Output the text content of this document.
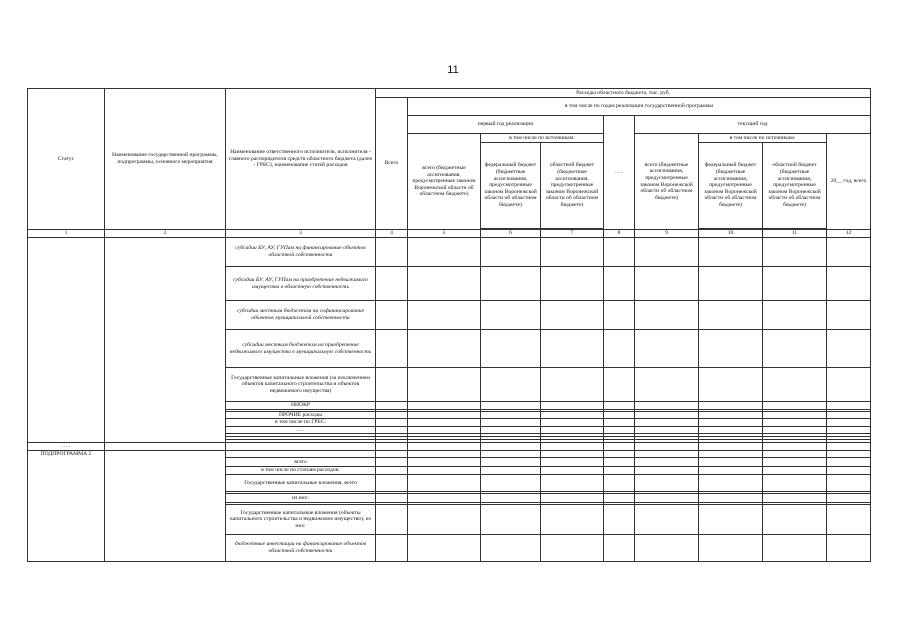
11
Статус	Наименование государственной программы, подпрограммы, основного мероприятия	Наименование ответственного исполнителя, исполнителя - главного распорядителя средств областного бюджета (далее - ГРБС), наименование статей расходов	Расходы областного бюджета, тыс. руб.								
			Всего	в том числе по годам реализации государственной программы							
				первый год реализации			…..	текущий год			
				всего (бюджетные ассигнования, предусмотренные законом Воронежской области об областном бюджете)	в том числе по источникам:			всего (бюджетные ассигнования, предусмотренные законом Воронежской области об областном бюджете)	в том числе по источникам:		20__ год, всего
					федеральный бюджет (бюджетные ассигнования, предусмотренные законом Воронежской области об областном бюджете)	областной бюджет (бюджетные ассигнования, предусмотренные законом Воронежской области об областном бюджете)			федеральный бюджет (бюджетные ассигнования, предусмотренные законом Воронежской области об областном бюджете)	областной бюджет (бюджетные ассигнования, предусмотренные законом Воронежской области об областном бюджете)	

1	2	3	4	5	6	7	8	9	10	11	12
		субсидии БУ, АУ, ГУПам на финансирование объектов областной собственности									
		субсидии БУ, АУ, ГУПам на приобретение недвижимого имущества в областную собственность									
		субсидии местным бюджетам на софинансирование объектов муниципальной собственности									
		субсидии местным бюджетам на приобретение недвижимого имущества в муниципальную собственность									
		Государственные капитальные вложения (за исключением объектов капитального строительства и объектов недвижимого имущества)									
		НИОКР									

		ПРОЧИЕ расходы									
		в том числе по ГРБС:									
		…..									

…..											
ПОДПРОГРАММА 2											
		всего									
		в том числе по статьям расходов:									
		Государственные капитальные вложения, всего									

		из них:									

		Государственные капитальные вложения (объекты капитального строительства и недвижимое имущество), из них:									
		бюджетные инвестиции на финансирование объектов областной собственности									
